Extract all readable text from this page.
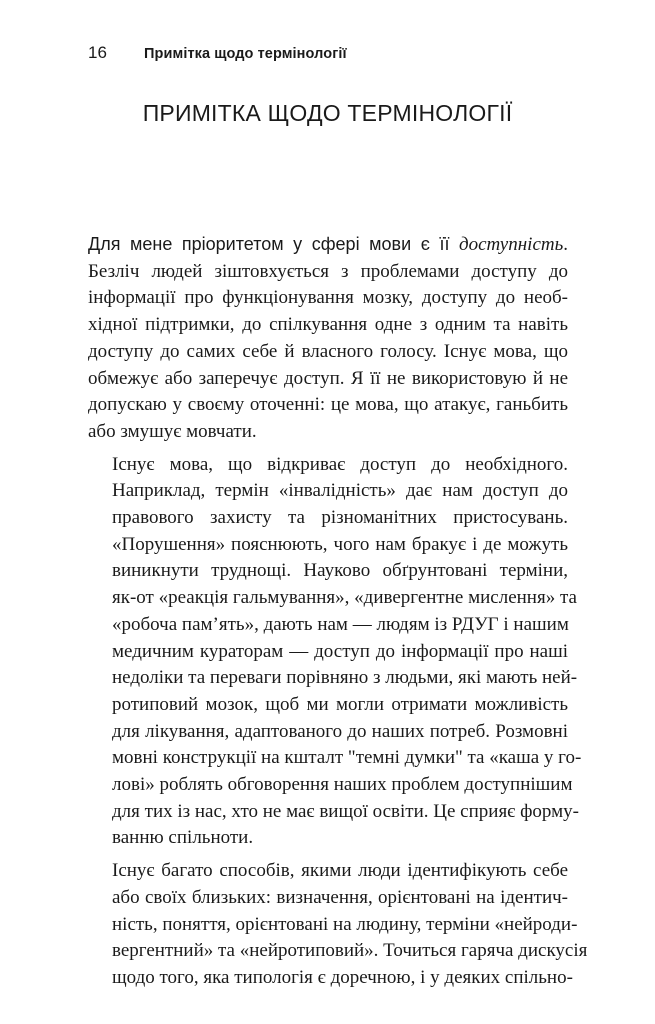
16	Примітка щодо термінології
ПРИМІТКА ЩОДО ТЕРМІНОЛОГІЇ

Для мене пріоритетом у сфері мови є її доступність.
Безліч людей зіштовхується з проблемами доступу до
інформації про функціонування мозку, доступу до необ-
хідної підтримки, до спілкування одне з одним та навіть
доступу до самих себе й власного голосу. Існує мова, що
обмежує або заперечує доступ. Я її не використовую й не
допускаю у своєму оточенні: це мова, що атакує, ганьбить
або змушує мовчати.

Існує мова, що відкриває доступ до необхідного.
Наприклад, термін «інвалідність» дає нам доступ до
правового захисту та різноманітних пристосувань.
«Порушення» пояснюють, чого нам бракує і де можуть
виникнути труднощі. Науково обґрунтовані терміни,
як-от «реакція гальмування», «дивергентне мислення» та
«робоча пам’ять», дають нам — людям із РДУГ і нашим
медичним кураторам — доступ до інформації про наші
недоліки та переваги порівняно з людьми, які мають ней-
ротиповий мозок, щоб ми могли отримати можливість
для лікування, адаптованого до наших потреб. Розмовні
мовні конструкції на кшталт "темні думки" та «каша у го-
лові» роблять обговорення наших проблем доступнішим
для тих із нас, хто не має вищої освіти. Це сприяє форму-
ванню спільноти.

Існує багато способів, якими люди ідентифікують себе
або своїх близьких: визначення, орієнтовані на ідентич-
ність, поняття, орієнтовані на людину, терміни «нейроди-
вергентний» та «нейротиповий». Точиться гаряча дискусія
щодо того, яка типологія є доречною, і у деяких спільно-
